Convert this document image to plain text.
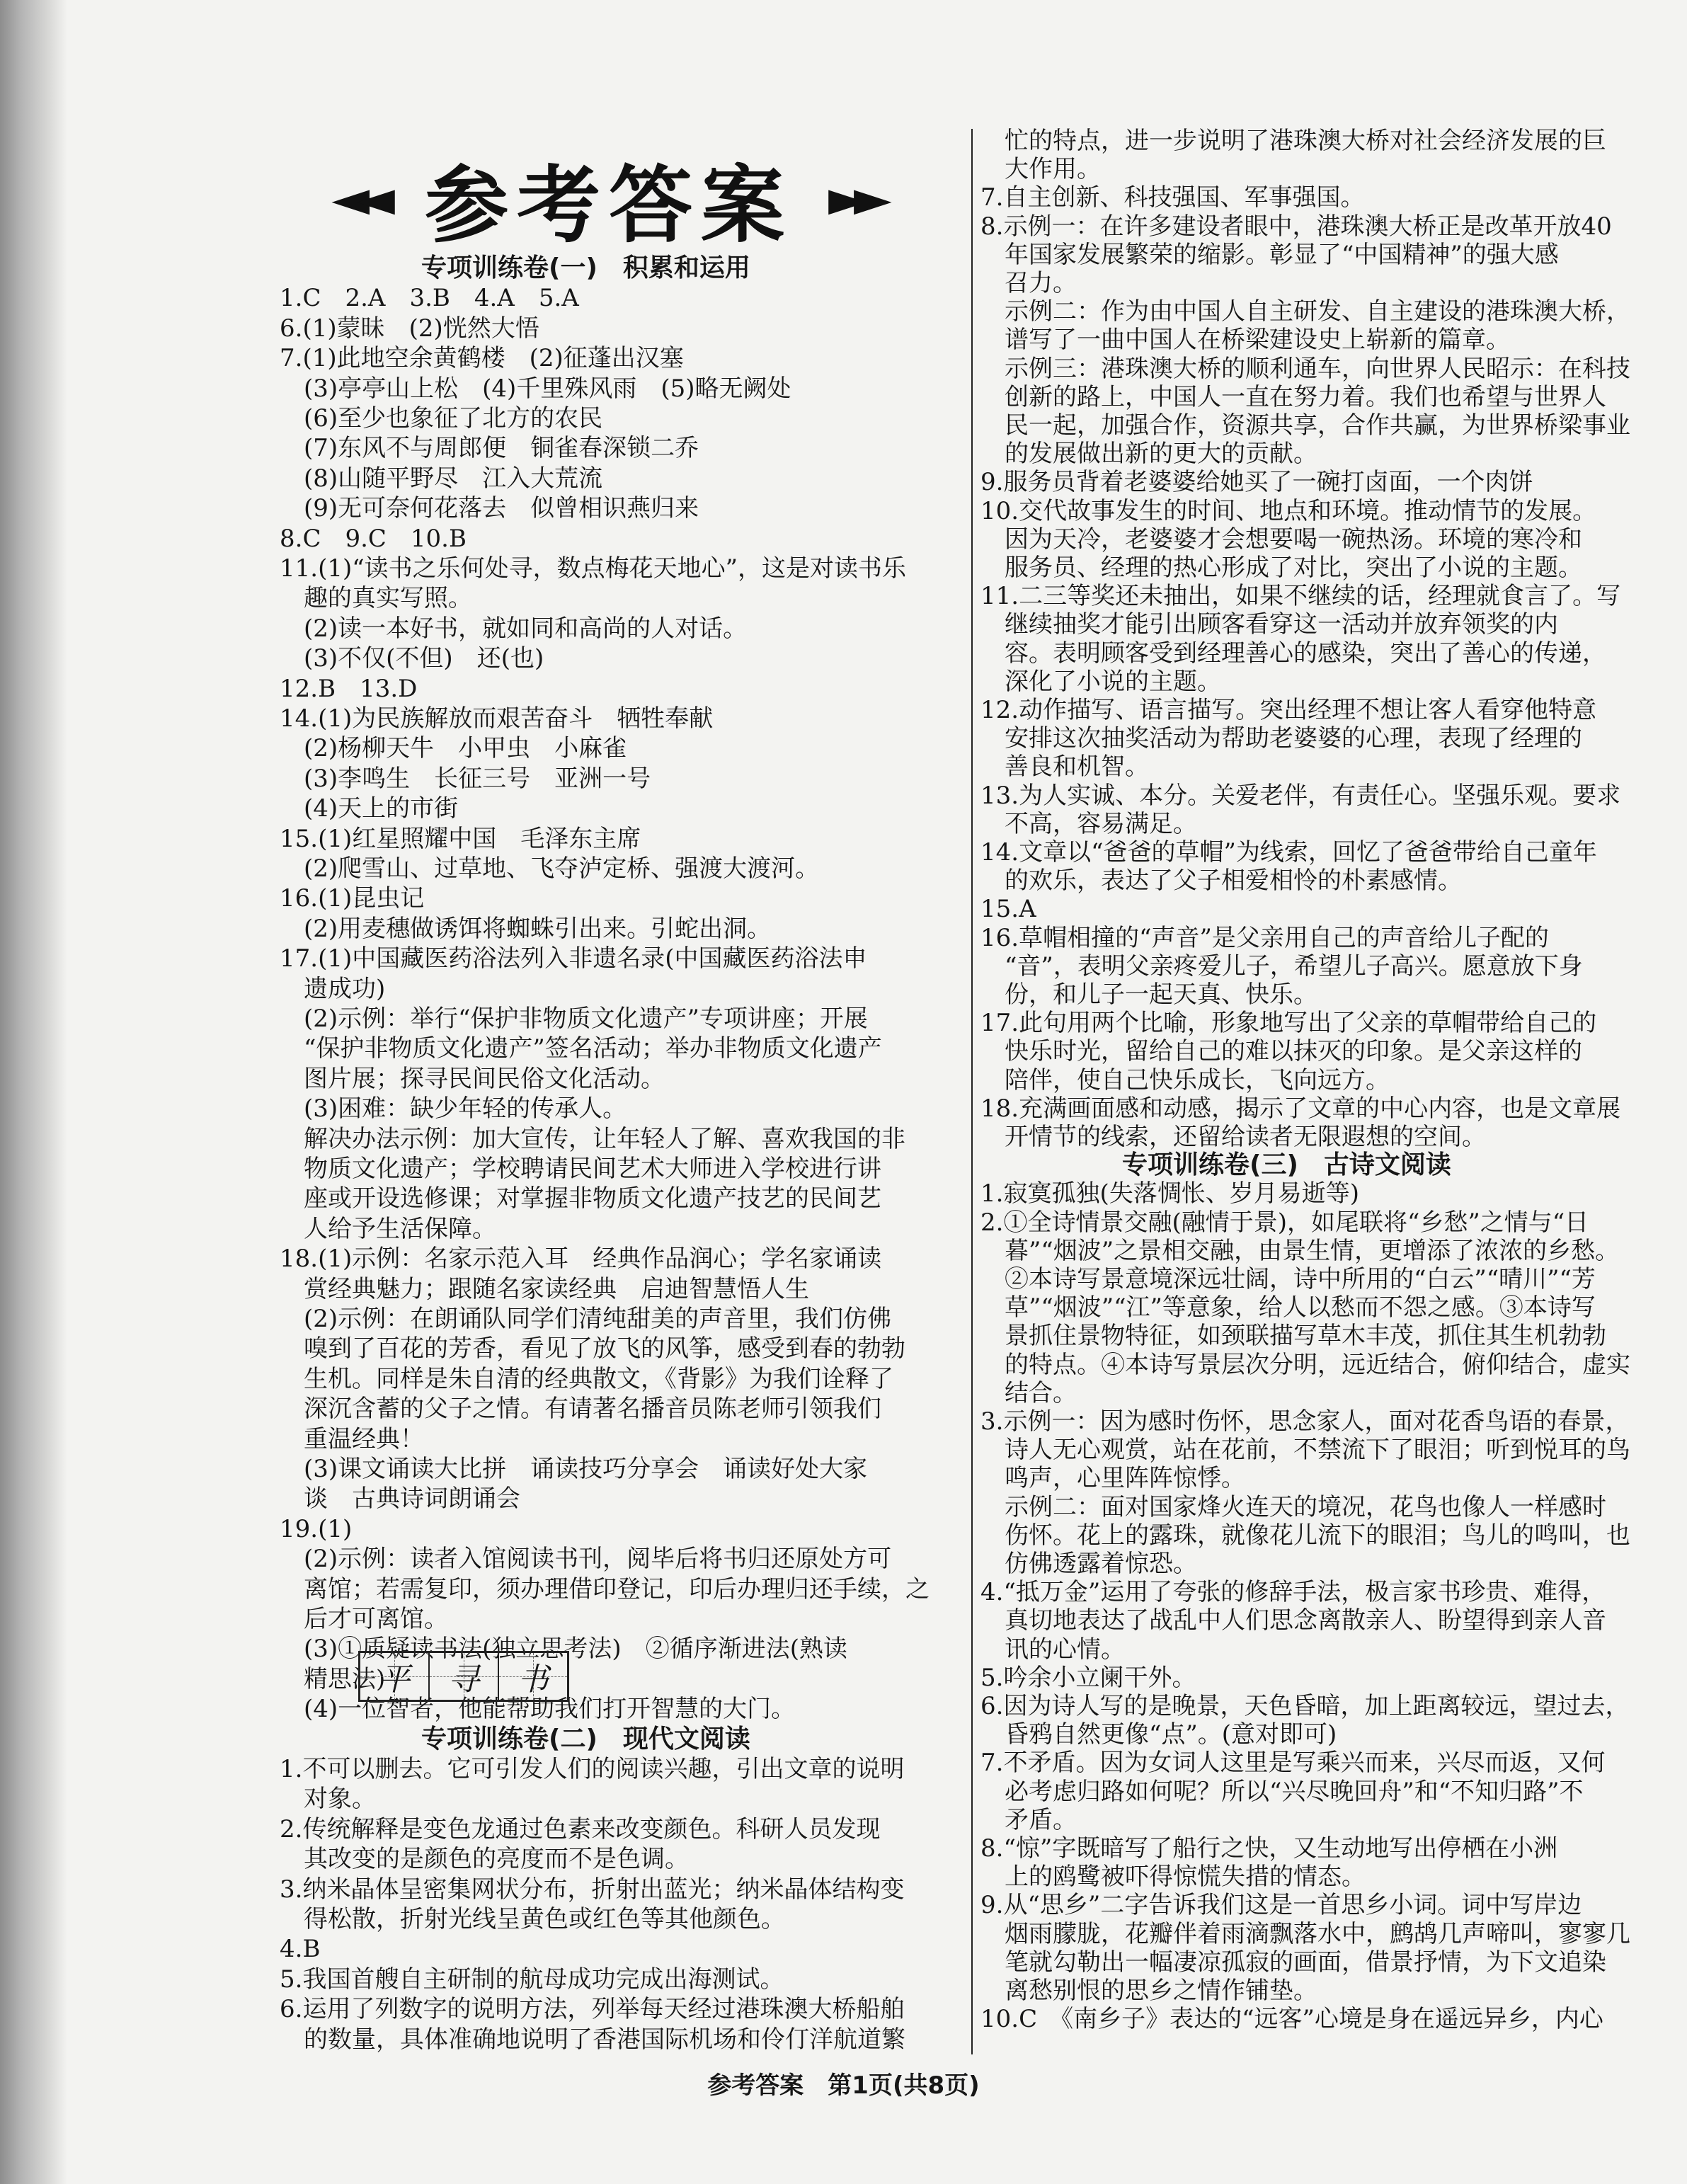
◄◄ 参考答案 ►►
专项训练卷(一)　积累和运用
1.C　2.A　3.B　4.A　5.A
6.(1)蒙昧　(2)恍然大悟
7.(1)此地空余黄鹤楼　(2)征蓬出汉塞
　(3)亭亭山上松　(4)千里殊风雨　(5)略无阙处
　(6)至少也象征了北方的农民
　(7)东风不与周郎便　铜雀春深锁二乔
　(8)山随平野尽　江入大荒流
　(9)无可奈何花落去　似曾相识燕归来
8.C　9.C　10.B
11.(1)“读书之乐何处寻，数点梅花天地心”，这是对读书乐
　趣的真实写照。
　(2)读一本好书，就如同和高尚的人对话。
　(3)不仅(不但)　还(也)
12.B　13.D
14.(1)为民族解放而艰苦奋斗　牺牲奉献
　(2)杨柳天牛　小甲虫　小麻雀
　(3)李鸣生　长征三号　亚洲一号
　(4)天上的市街
15.(1)红星照耀中国　毛泽东主席
　(2)爬雪山、过草地、飞夺泸定桥、强渡大渡河。
16.(1)昆虫记
　(2)用麦穗做诱饵将蜘蛛引出来。引蛇出洞。
17.(1)中国藏医药浴法列入非遗名录(中国藏医药浴法申
　遗成功)
　(2)示例：举行“保护非物质文化遗产”专项讲座；开展
　“保护非物质文化遗产”签名活动；举办非物质文化遗产
　图片展；探寻民间民俗文化活动。
　(3)困难：缺少年轻的传承人。
　解决办法示例：加大宣传，让年轻人了解、喜欢我国的非
　物质文化遗产；学校聘请民间艺术大师进入学校进行讲
　座或开设选修课；对掌握非物质文化遗产技艺的民间艺
　人给予生活保障。
18.(1)示例：名家示范入耳　经典作品润心；学名家诵读
　赏经典魅力；跟随名家读经典　启迪智慧悟人生
　(2)示例：在朗诵队同学们清纯甜美的声音里，我们仿佛
　嗅到了百花的芳香，看见了放飞的风筝，感受到春的勃勃
　生机。同样是朱自清的经典散文，《背影》为我们诠释了
　深沉含蓄的父子之情。有请著名播音员陈老师引领我们
　重温经典！
　(3)课文诵读大比拼　诵读技巧分享会　诵读好处大家
　谈　古典诗词朗诵会
19.(1)
　(2)示例：读者入馆阅读书刊，阅毕后将书归还原处方可
　离馆；若需复印，须办理借印登记，印后办理归还手续，之
　后才可离馆。
　(3)①质疑读书法(独立思考法)　②循序渐进法(熟读
　精思法)
　(4)一位智者，他能帮助我们打开智慧的大门。
专项训练卷(二)　现代文阅读
1.不可以删去。它可引发人们的阅读兴趣，引出文章的说明
　对象。
2.传统解释是变色龙通过色素来改变颜色。科研人员发现
　其改变的是颜色的亮度而不是色调。
3.纳米晶体呈密集网状分布，折射出蓝光；纳米晶体结构变
　得松散，折射光线呈黄色或红色等其他颜色。
4.B
5.我国首艘自主研制的航母成功完成出海测试。
6.运用了列数字的说明方法，列举每天经过港珠澳大桥船舶
　的数量，具体准确地说明了香港国际机场和伶仃洋航道繁
　忙的特点，进一步说明了港珠澳大桥对社会经济发展的巨
　大作用。
7.自主创新、科技强国、军事强国。
8.示例一：在许多建设者眼中，港珠澳大桥正是改革开放40
　年国家发展繁荣的缩影。彰显了“中国精神”的强大感
　召力。
　示例二：作为由中国人自主研发、自主建设的港珠澳大桥，
　谱写了一曲中国人在桥梁建设史上崭新的篇章。
　示例三：港珠澳大桥的顺利通车，向世界人民昭示：在科技
　创新的路上，中国人一直在努力着。我们也希望与世界人
　民一起，加强合作，资源共享，合作共赢，为世界桥梁事业
　的发展做出新的更大的贡献。
9.服务员背着老婆婆给她买了一碗打卤面，一个肉饼
10.交代故事发生的时间、地点和环境。推动情节的发展。
　因为天冷，老婆婆才会想要喝一碗热汤。环境的寒冷和
　服务员、经理的热心形成了对比，突出了小说的主题。
11.二三等奖还未抽出，如果不继续的话，经理就食言了。写
　继续抽奖才能引出顾客看穿这一活动并放弃领奖的内
　容。表明顾客受到经理善心的感染，突出了善心的传递，
　深化了小说的主题。
12.动作描写、语言描写。突出经理不想让客人看穿他特意
　安排这次抽奖活动为帮助老婆婆的心理，表现了经理的
　善良和机智。
13.为人实诚、本分。关爱老伴，有责任心。坚强乐观。要求
　不高，容易满足。
14.文章以“爸爸的草帽”为线索，回忆了爸爸带给自己童年
　的欢乐，表达了父子相爱相怜的朴素感情。
15.A
16.草帽相撞的“声音”是父亲用自己的声音给儿子配的
　“音”，表明父亲疼爱儿子，希望儿子高兴。愿意放下身
　份，和儿子一起天真、快乐。
17.此句用两个比喻，形象地写出了父亲的草帽带给自己的
　快乐时光，留给自己的难以抹灭的印象。是父亲这样的
　陪伴，使自己快乐成长，飞向远方。
18.充满画面感和动感，揭示了文章的中心内容，也是文章展
　开情节的线索，还留给读者无限遐想的空间。
专项训练卷(三)　古诗文阅读
1.寂寞孤独(失落惆怅、岁月易逝等)
2.①全诗情景交融(融情于景)，如尾联将“乡愁”之情与“日
　暮”“烟波”之景相交融，由景生情，更增添了浓浓的乡愁。
　②本诗写景意境深远壮阔，诗中所用的“白云”“晴川”“芳
　草”“烟波”“江”等意象，给人以愁而不怨之感。③本诗写
　景抓住景物特征，如颈联描写草木丰茂，抓住其生机勃勃
　的特点。④本诗写景层次分明，远近结合，俯仰结合，虚实
　结合。
3.示例一：因为感时伤怀，思念家人，面对花香鸟语的春景，
　诗人无心观赏，站在花前，不禁流下了眼泪；听到悦耳的鸟
　鸣声，心里阵阵惊悸。
　示例二：面对国家烽火连天的境况，花鸟也像人一样感时
　伤怀。花上的露珠，就像花儿流下的眼泪；鸟儿的鸣叫，也
　仿佛透露着惊恐。
4.“抵万金”运用了夸张的修辞手法，极言家书珍贵、难得，
　真切地表达了战乱中人们思念离散亲人、盼望得到亲人音
　讯的心情。
5.吟余小立阑干外。
6.因为诗人写的是晚景，天色昏暗，加上距离较远，望过去，
　昏鸦自然更像“点”。(意对即可)
7.不矛盾。因为女词人这里是写乘兴而来，兴尽而返，又何
　必考虑归路如何呢？所以“兴尽晚回舟”和“不知归路”不
　矛盾。
8.“惊”字既暗写了船行之快，又生动地写出停栖在小洲
　上的鸥鹭被吓得惊慌失措的情态。
9.从“思乡”二字告诉我们这是一首思乡小词。词中写岸边
　烟雨朦胧，花瓣伴着雨滴飘落水中，鹧鸪几声啼叫，寥寥几
　笔就勾勒出一幅凄凉孤寂的画面，借景抒情，为下文追染
　离愁别恨的思乡之情作铺垫。
10.C　《南乡子》表达的“远客”心境是身在遥远异乡，内心
平 寻 书
参考答案　第1页(共8页)
